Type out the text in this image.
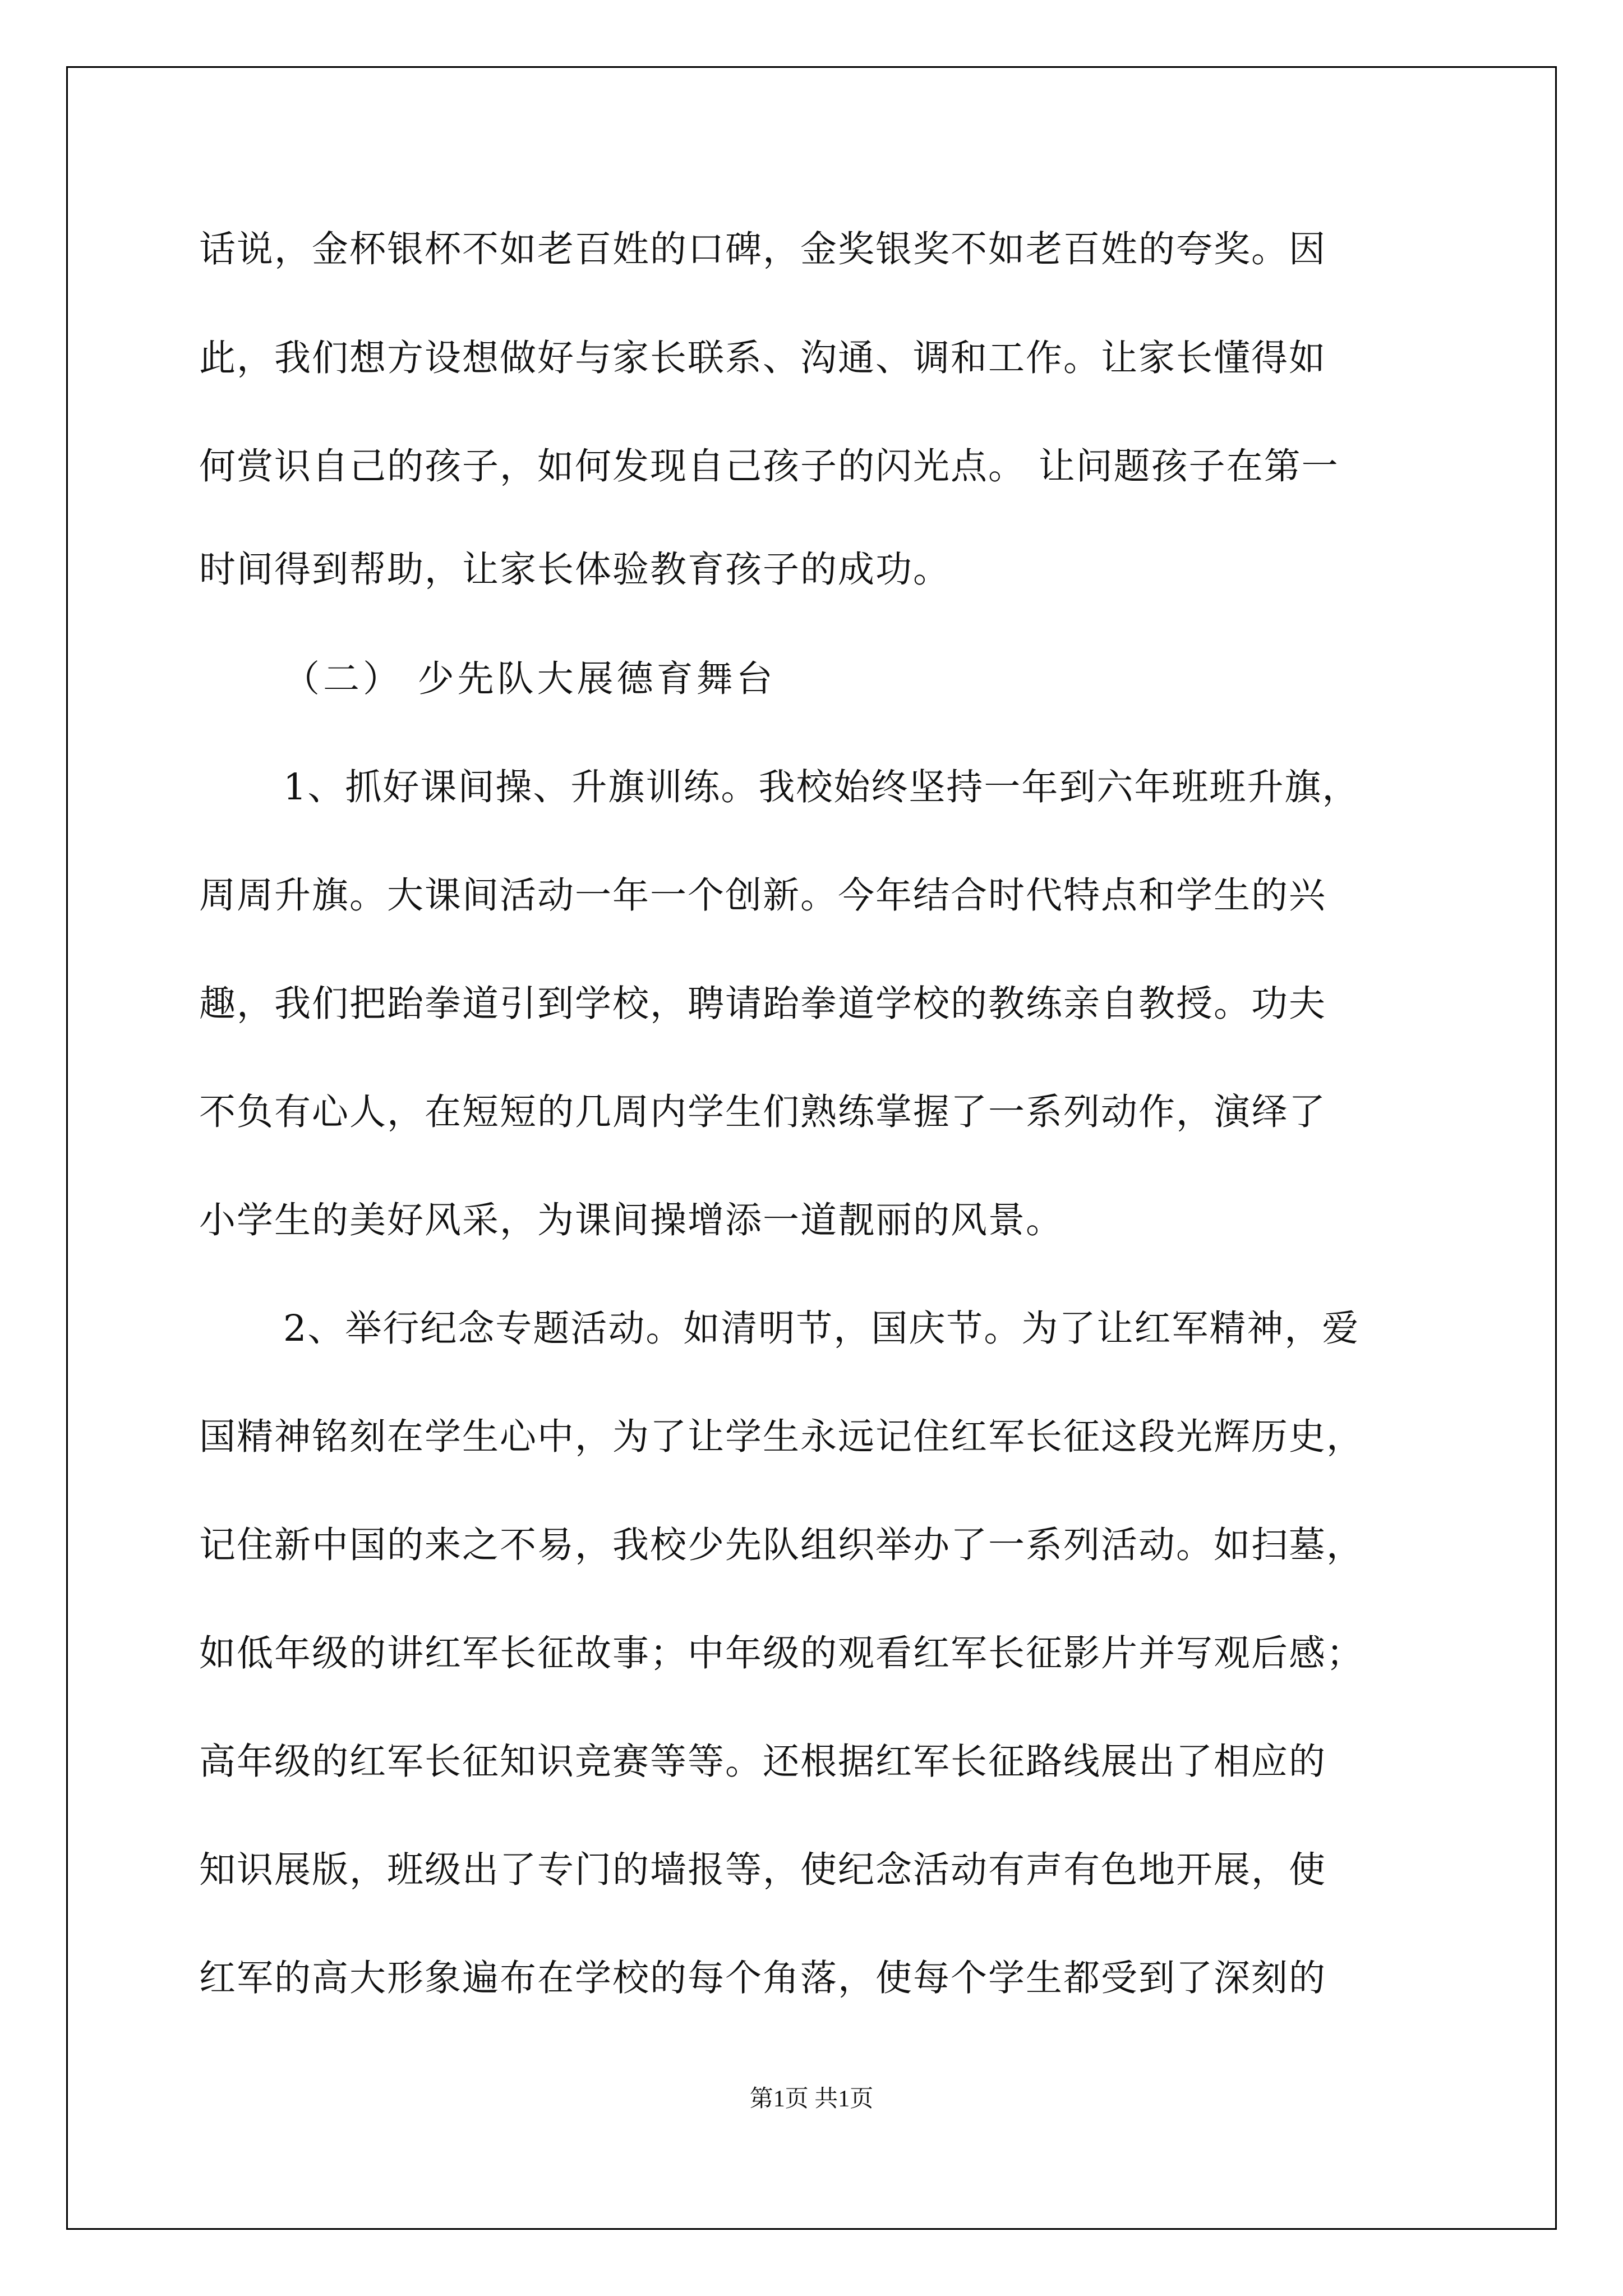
话说，金杯银杯不如老百姓的口碑，金奖银奖不如老百姓的夸奖。因
此，我们想方设想做好与家长联系、沟通、调和工作。让家长懂得如
何赏识自己的孩子，如何发现自己孩子的闪光点。 让问题孩子在第一
时间得到帮助，让家长体验教育孩子的成功。
（二） 少先队大展德育舞台
1、抓好课间操、升旗训练。我校始终坚持一年到六年班班升旗，
周周升旗。大课间活动一年一个创新。今年结合时代特点和学生的兴
趣，我们把跆拳道引到学校，聘请跆拳道学校的教练亲自教授。功夫
不负有心人，在短短的几周内学生们熟练掌握了一系列动作，演绎了
小学生的美好风采，为课间操增添一道靓丽的风景。
2、举行纪念专题活动。如清明节，国庆节。为了让红军精神，爱
国精神铭刻在学生心中，为了让学生永远记住红军长征这段光辉历史，
记住新中国的来之不易，我校少先队组织举办了一系列活动。如扫墓，
如低年级的讲红军长征故事；中年级的观看红军长征影片并写观后感；
高年级的红军长征知识竞赛等等。还根据红军长征路线展出了相应的
知识展版，班级出了专门的墙报等，使纪念活动有声有色地开展，使
红军的高大形象遍布在学校的每个角落，使每个学生都受到了深刻的
第1页 共1页
